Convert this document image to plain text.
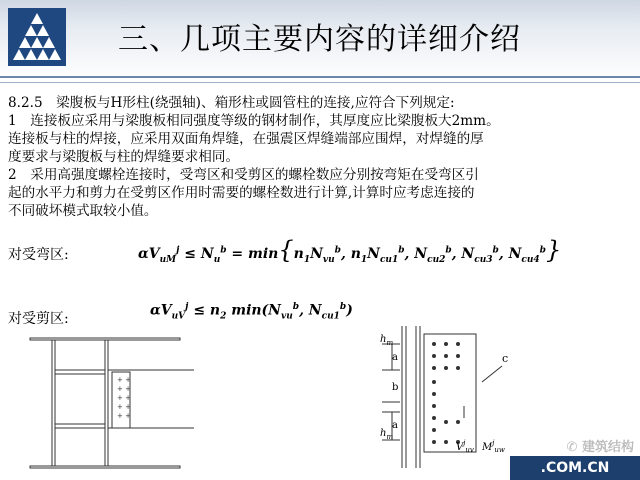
三、几项主要内容的详细介绍
8.2.5　梁腹板与H形柱(绕强轴)、箱形柱或圆管柱的连接,应符合下列规定:
1　连接板应采用与梁腹板相同强度等级的钢材制作，其厚度应比梁腹板大2mm。
连接板与柱的焊接，应采用双面角焊缝，在强震区焊缝端部应围焊，对焊缝的厚
度要求与梁腹板与柱的焊缝要求相同。
2　采用高强度螺栓连接时，受弯区和受剪区的螺栓数应分别按弯矩在受弯区引
起的水平力和剪力在受剪区作用时需要的螺栓数进行计算,计算时应考虑连接的
不同破坏模式取较小值。
对受弯区:	$\alpha V_{uM}^j \le N_u^b = \min\{n_1N_{vu}^b$, $n_1N_{cu1}^b$, $N_{cu2}^b$, $N_{cu3}^b$, $N_{cu4}^b$}
对受剪区:
$\alpha V_{uV}^j \le n_2$ $\min(N_{vu}^b$, $N_{cu1}^b$)
+ +
+ +
+ +
+ +
+ +
$h_m$
a
b
a
$h_m$
c
$V^j_{uv}$ $M^j_{uw}$	✆ 建筑结构
.COM.CN
